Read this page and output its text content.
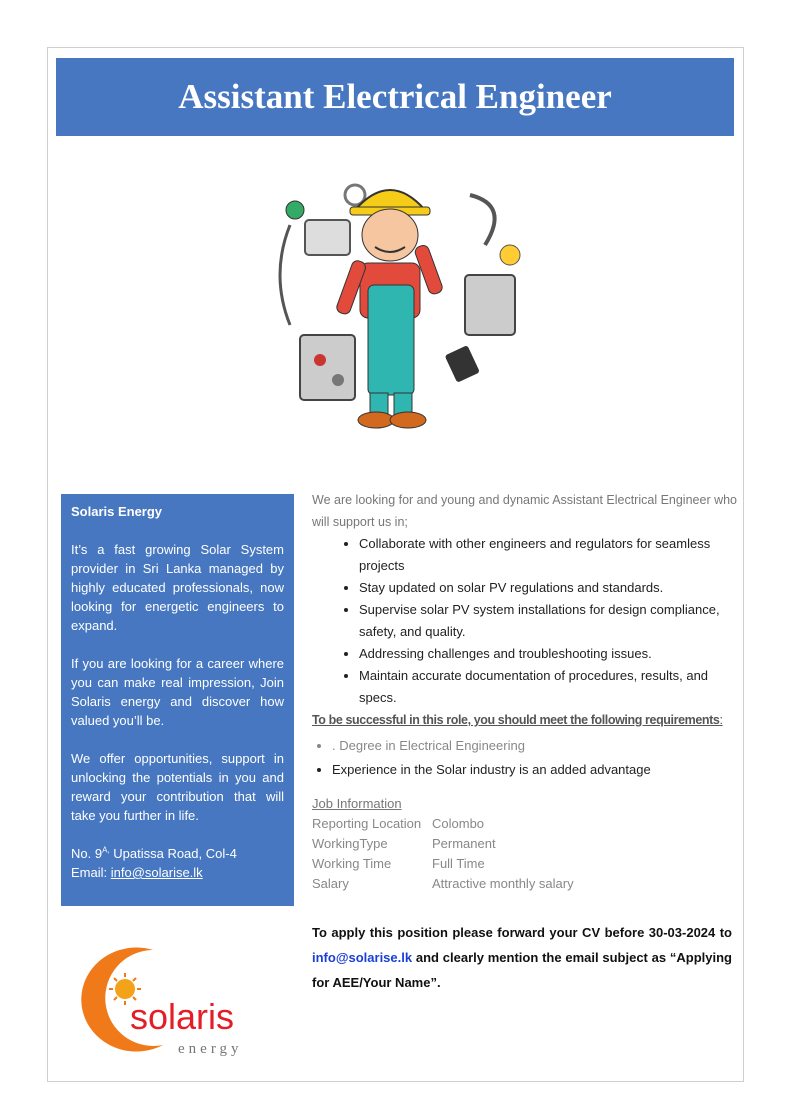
Assistant Electrical Engineer

Solaris Energy

It’s a fast growing Solar System provider in Sri Lanka managed by highly educated professionals, now looking for energetic engineers to expand.

If you are looking for a career where you can make real impression, Join Solaris energy and discover how valued you’ll be.

We offer opportunities, support in unlocking the potentials in you and reward your contribution that will take you further in life.

No. $9^{A,}$ Upatissa Road, Col-4
Email: info@solarise.lk
We are looking for and young and dynamic Assistant Electrical Engineer who will support us in;
• Collaborate with other engineers and regulators for seamless projects
• Stay updated on solar PV regulations and standards.
• Supervise solar PV system installations for design compliance, safety, and quality.
• Addressing challenges and troubleshooting issues.
• Maintain accurate documentation of procedures, results, and specs.
To be successful in this role, you should meet the following requirements:
• . Degree in Electrical Engineering
• Experience in the Solar industry is an added advantage
Job Information
Reporting Location	Colombo
WorkingType	Permanent
Working Time	Full Time
Salary	Attractive monthly salary
To apply this position please forward your CV before 30-03-2024 to info@solarise.lk and clearly mention the email subject as “Applying for AEE/Your Name”.
solaris
energy
